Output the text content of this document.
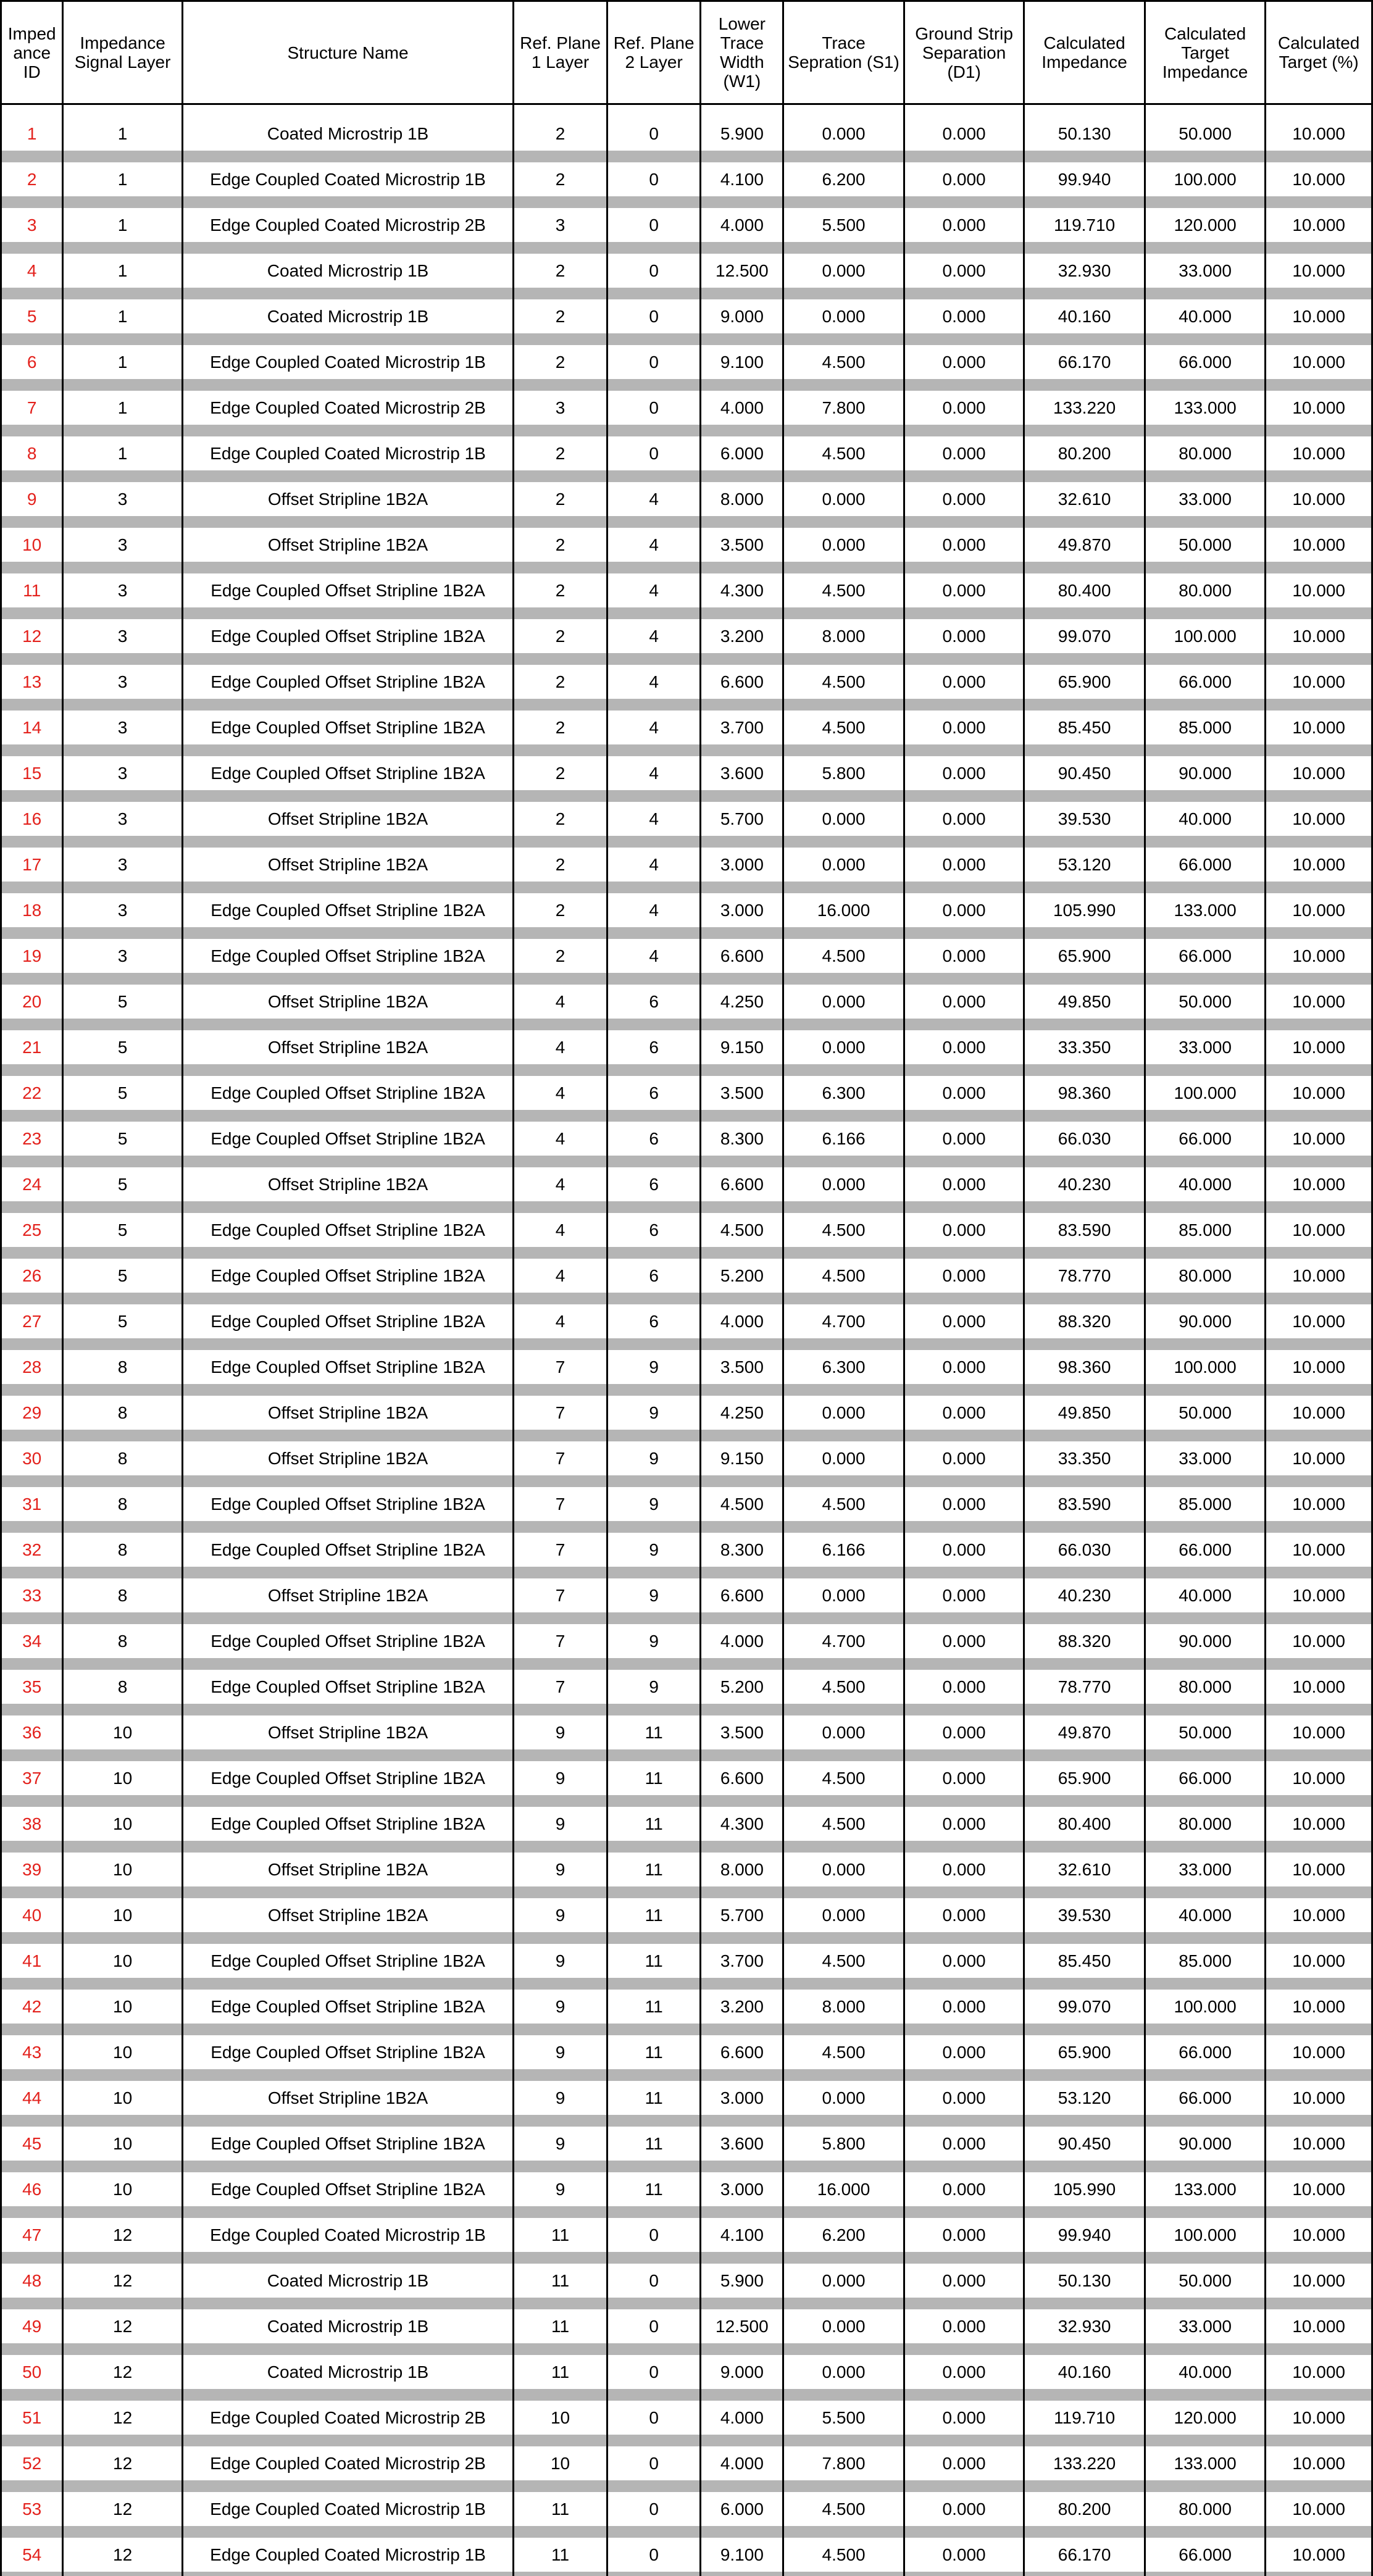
Impedance ID	Impedance Signal Layer	Structure Name	Ref. Plane 1 Layer	Ref. Plane 2 Layer	Lower Trace Width (W1)	Trace Sepration (S1)	Ground Strip Separation (D1)	Calculated Impedance	Calculated Target Impedance	Calculated Target (%)

1	1	Coated Microstrip 1B	2	0	5.900	0.000	0.000	50.130	50.000	10.000

2	1	Edge Coupled Coated Microstrip 1B	2	0	4.100	6.200	0.000	99.940	100.000	10.000

3	1	Edge Coupled Coated Microstrip 2B	3	0	4.000	5.500	0.000	119.710	120.000	10.000

4	1	Coated Microstrip 1B	2	0	12.500	0.000	0.000	32.930	33.000	10.000

5	1	Coated Microstrip 1B	2	0	9.000	0.000	0.000	40.160	40.000	10.000

6	1	Edge Coupled Coated Microstrip 1B	2	0	9.100	4.500	0.000	66.170	66.000	10.000

7	1	Edge Coupled Coated Microstrip 2B	3	0	4.000	7.800	0.000	133.220	133.000	10.000

8	1	Edge Coupled Coated Microstrip 1B	2	0	6.000	4.500	0.000	80.200	80.000	10.000

9	3	Offset Stripline 1B2A	2	4	8.000	0.000	0.000	32.610	33.000	10.000

10	3	Offset Stripline 1B2A	2	4	3.500	0.000	0.000	49.870	50.000	10.000

11	3	Edge Coupled Offset Stripline 1B2A	2	4	4.300	4.500	0.000	80.400	80.000	10.000

12	3	Edge Coupled Offset Stripline 1B2A	2	4	3.200	8.000	0.000	99.070	100.000	10.000

13	3	Edge Coupled Offset Stripline 1B2A	2	4	6.600	4.500	0.000	65.900	66.000	10.000

14	3	Edge Coupled Offset Stripline 1B2A	2	4	3.700	4.500	0.000	85.450	85.000	10.000

15	3	Edge Coupled Offset Stripline 1B2A	2	4	3.600	5.800	0.000	90.450	90.000	10.000

16	3	Offset Stripline 1B2A	2	4	5.700	0.000	0.000	39.530	40.000	10.000

17	3	Offset Stripline 1B2A	2	4	3.000	0.000	0.000	53.120	66.000	10.000

18	3	Edge Coupled Offset Stripline 1B2A	2	4	3.000	16.000	0.000	105.990	133.000	10.000

19	3	Edge Coupled Offset Stripline 1B2A	2	4	6.600	4.500	0.000	65.900	66.000	10.000

20	5	Offset Stripline 1B2A	4	6	4.250	0.000	0.000	49.850	50.000	10.000

21	5	Offset Stripline 1B2A	4	6	9.150	0.000	0.000	33.350	33.000	10.000

22	5	Edge Coupled Offset Stripline 1B2A	4	6	3.500	6.300	0.000	98.360	100.000	10.000

23	5	Edge Coupled Offset Stripline 1B2A	4	6	8.300	6.166	0.000	66.030	66.000	10.000

24	5	Offset Stripline 1B2A	4	6	6.600	0.000	0.000	40.230	40.000	10.000

25	5	Edge Coupled Offset Stripline 1B2A	4	6	4.500	4.500	0.000	83.590	85.000	10.000

26	5	Edge Coupled Offset Stripline 1B2A	4	6	5.200	4.500	0.000	78.770	80.000	10.000

27	5	Edge Coupled Offset Stripline 1B2A	4	6	4.000	4.700	0.000	88.320	90.000	10.000

28	8	Edge Coupled Offset Stripline 1B2A	7	9	3.500	6.300	0.000	98.360	100.000	10.000

29	8	Offset Stripline 1B2A	7	9	4.250	0.000	0.000	49.850	50.000	10.000

30	8	Offset Stripline 1B2A	7	9	9.150	0.000	0.000	33.350	33.000	10.000

31	8	Edge Coupled Offset Stripline 1B2A	7	9	4.500	4.500	0.000	83.590	85.000	10.000

32	8	Edge Coupled Offset Stripline 1B2A	7	9	8.300	6.166	0.000	66.030	66.000	10.000

33	8	Offset Stripline 1B2A	7	9	6.600	0.000	0.000	40.230	40.000	10.000

34	8	Edge Coupled Offset Stripline 1B2A	7	9	4.000	4.700	0.000	88.320	90.000	10.000

35	8	Edge Coupled Offset Stripline 1B2A	7	9	5.200	4.500	0.000	78.770	80.000	10.000

36	10	Offset Stripline 1B2A	9	11	3.500	0.000	0.000	49.870	50.000	10.000

37	10	Edge Coupled Offset Stripline 1B2A	9	11	6.600	4.500	0.000	65.900	66.000	10.000

38	10	Edge Coupled Offset Stripline 1B2A	9	11	4.300	4.500	0.000	80.400	80.000	10.000

39	10	Offset Stripline 1B2A	9	11	8.000	0.000	0.000	32.610	33.000	10.000

40	10	Offset Stripline 1B2A	9	11	5.700	0.000	0.000	39.530	40.000	10.000

41	10	Edge Coupled Offset Stripline 1B2A	9	11	3.700	4.500	0.000	85.450	85.000	10.000

42	10	Edge Coupled Offset Stripline 1B2A	9	11	3.200	8.000	0.000	99.070	100.000	10.000

43	10	Edge Coupled Offset Stripline 1B2A	9	11	6.600	4.500	0.000	65.900	66.000	10.000

44	10	Offset Stripline 1B2A	9	11	3.000	0.000	0.000	53.120	66.000	10.000

45	10	Edge Coupled Offset Stripline 1B2A	9	11	3.600	5.800	0.000	90.450	90.000	10.000

46	10	Edge Coupled Offset Stripline 1B2A	9	11	3.000	16.000	0.000	105.990	133.000	10.000

47	12	Edge Coupled Coated Microstrip 1B	11	0	4.100	6.200	0.000	99.940	100.000	10.000

48	12	Coated Microstrip 1B	11	0	5.900	0.000	0.000	50.130	50.000	10.000

49	12	Coated Microstrip 1B	11	0	12.500	0.000	0.000	32.930	33.000	10.000

50	12	Coated Microstrip 1B	11	0	9.000	0.000	0.000	40.160	40.000	10.000

51	12	Edge Coupled Coated Microstrip 2B	10	0	4.000	5.500	0.000	119.710	120.000	10.000

52	12	Edge Coupled Coated Microstrip 2B	10	0	4.000	7.800	0.000	133.220	133.000	10.000

53	12	Edge Coupled Coated Microstrip 1B	11	0	6.000	4.500	0.000	80.200	80.000	10.000

54	12	Edge Coupled Coated Microstrip 1B	11	0	9.100	4.500	0.000	66.170	66.000	10.000
